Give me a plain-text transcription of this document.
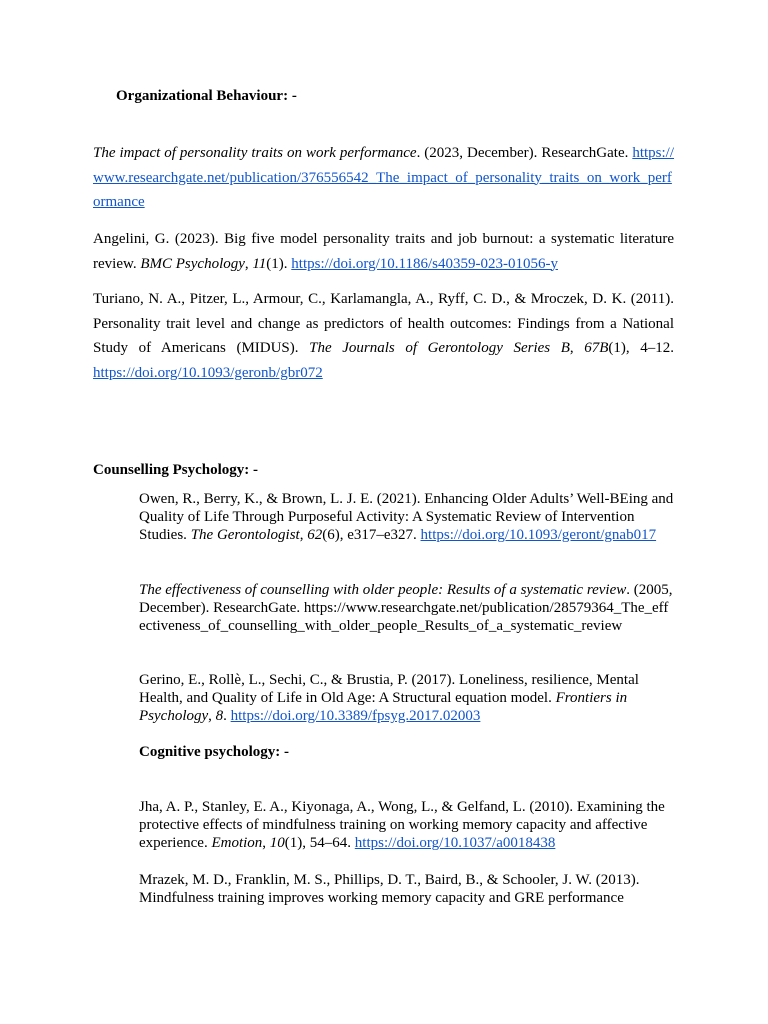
Organizational Behaviour: -

The impact of personality traits on work performance. (2023, December). ResearchGate. https://www.researchgate.net/publication/376556542_The_impact_of_personality_traits_on_work_performance

Angelini, G. (2023). Big five model personality traits and job burnout: a systematic literature review. BMC Psychology, 11(1). https://doi.org/10.1186/s40359-023-01056-y

Turiano, N. A., Pitzer, L., Armour, C., Karlamangla, A., Ryff, C. D., & Mroczek, D. K. (2011). Personality trait level and change as predictors of health outcomes: Findings from a National Study of Americans (MIDUS). The Journals of Gerontology Series B, 67B(1), 4–12. https://doi.org/10.1093/geronb/gbr072

Counselling Psychology: -

Owen, R., Berry, K., & Brown, L. J. E. (2021). Enhancing Older Adults’ Well-BEing and Quality of Life Through Purposeful Activity: A Systematic Review of Intervention Studies. The Gerontologist, 62(6), e317–e327. https://doi.org/10.1093/geront/gnab017

The effectiveness of counselling with older people: Results of a systematic review. (2005, December). ResearchGate. https://www.researchgate.net/publication/28579364_The_effectiveness_of_counselling_with_older_people_Results_of_a_systematic_review

Gerino, E., Rollè, L., Sechi, C., & Brustia, P. (2017). Loneliness, resilience, Mental Health, and Quality of Life in Old Age: A Structural equation model. Frontiers in Psychology, 8. https://doi.org/10.3389/fpsyg.2017.02003

Cognitive psychology: -

Jha, A. P., Stanley, E. A., Kiyonaga, A., Wong, L., & Gelfand, L. (2010). Examining the protective effects of mindfulness training on working memory capacity and affective experience. Emotion, 10(1), 54–64. https://doi.org/10.1037/a0018438

Mrazek, M. D., Franklin, M. S., Phillips, D. T., Baird, B., & Schooler, J. W. (2013). Mindfulness training improves working memory capacity and GRE performance
